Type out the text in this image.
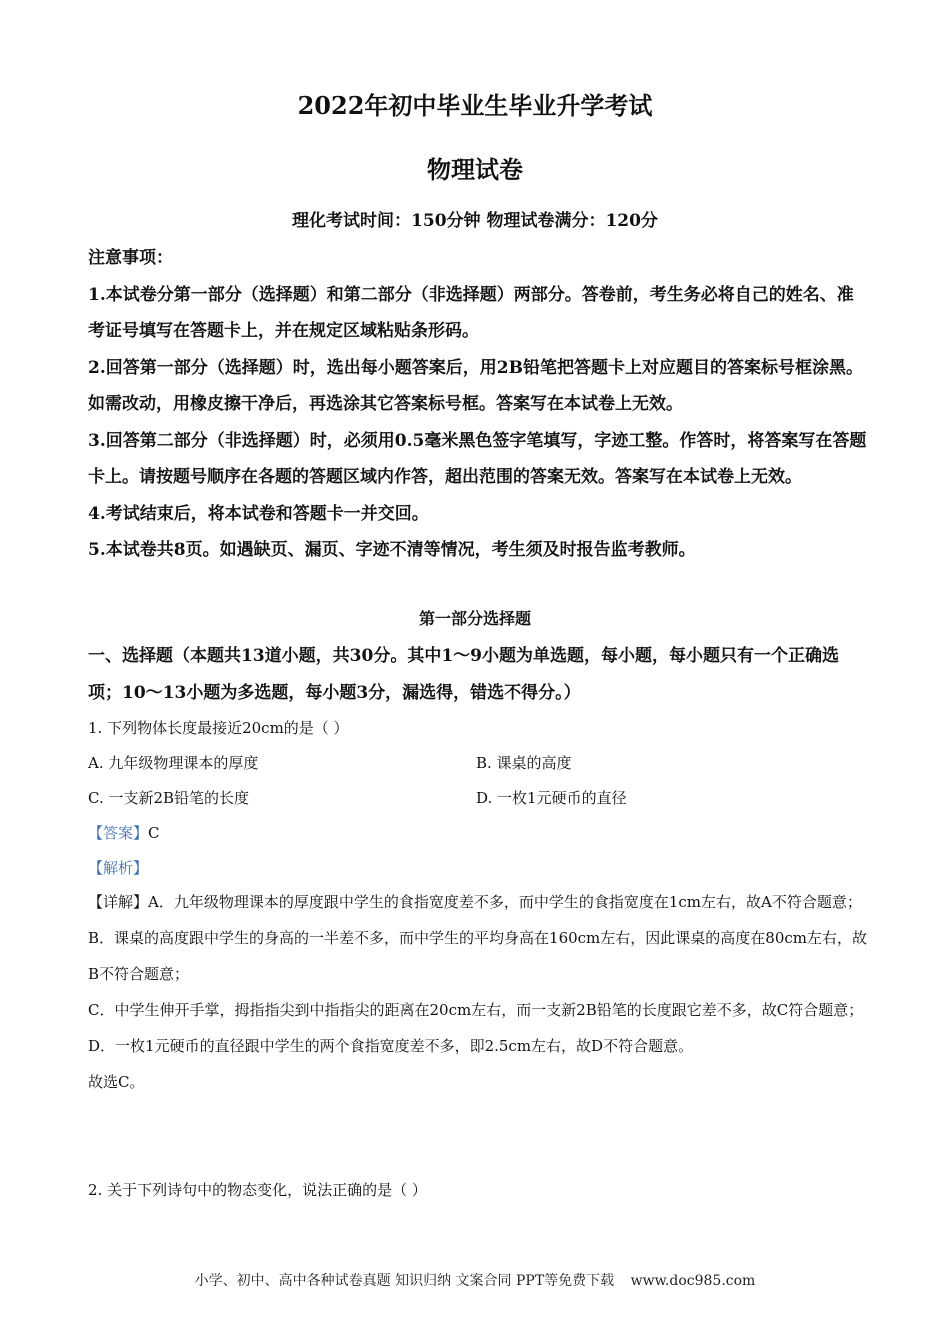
2022年初中毕业生毕业升学考试
物理试卷
理化考试时间：150分钟 物理试卷满分：120分

注意事项：

1.本试卷分第一部分（选择题）和第二部分（非选择题）两部分。答卷前，考生务必将自己的姓名、准考证号填写在答题卡上，并在规定区域粘贴条形码。

2.回答第一部分（选择题）时，选出每小题答案后，用2B铅笔把答题卡上对应题目的答案标号框涂黑。如需改动，用橡皮擦干净后，再选涂其它答案标号框。答案写在本试卷上无效。

3.回答第二部分（非选择题）时，必须用0.5毫米黑色签字笔填写，字迹工整。作答时，将答案写在答题卡上。请按题号顺序在各题的答题区域内作答，超出范围的答案无效。答案写在本试卷上无效。

4.考试结束后，将本试卷和答题卡一并交回。

5.本试卷共8页。如遇缺页、漏页、字迹不清等情况，考生须及时报告监考教师。

第一部分选择题

一、选择题（本题共13道小题，共30分。其中1～9小题为单选题，每小题，每小题只有一个正确选项；10～13小题为多选题，每小题3分，漏选得，错选不得分。）

1. 下列物体长度最接近20cm的是（ ）
A. 九年级物理课本的厚度	B. 课桌的高度
C. 一支新2B铅笔的长度	D. 一枚1元硬币的直径
【答案】C
【解析】

【详解】A．九年级物理课本的厚度跟中学生的食指宽度差不多，而中学生的食指宽度在1cm左右，故A不符合题意；

B．课桌的高度跟中学生的身高的一半差不多，而中学生的平均身高在160cm左右，因此课桌的高度在80cm左右，故B不符合题意；

C．中学生伸开手掌，拇指指尖到中指指尖的距离在20cm左右，而一支新2B铅笔的长度跟它差不多，故C符合题意；

D．一枚1元硬币的直径跟中学生的两个食指宽度差不多，即2.5cm左右，故D不符合题意。

故选C。

2. 关于下列诗句中的物态变化，说法正确的是（ ）
小学、初中、高中各种试卷真题 知识归纳 文案合同 PPT等免费下载 www.doc985.com
